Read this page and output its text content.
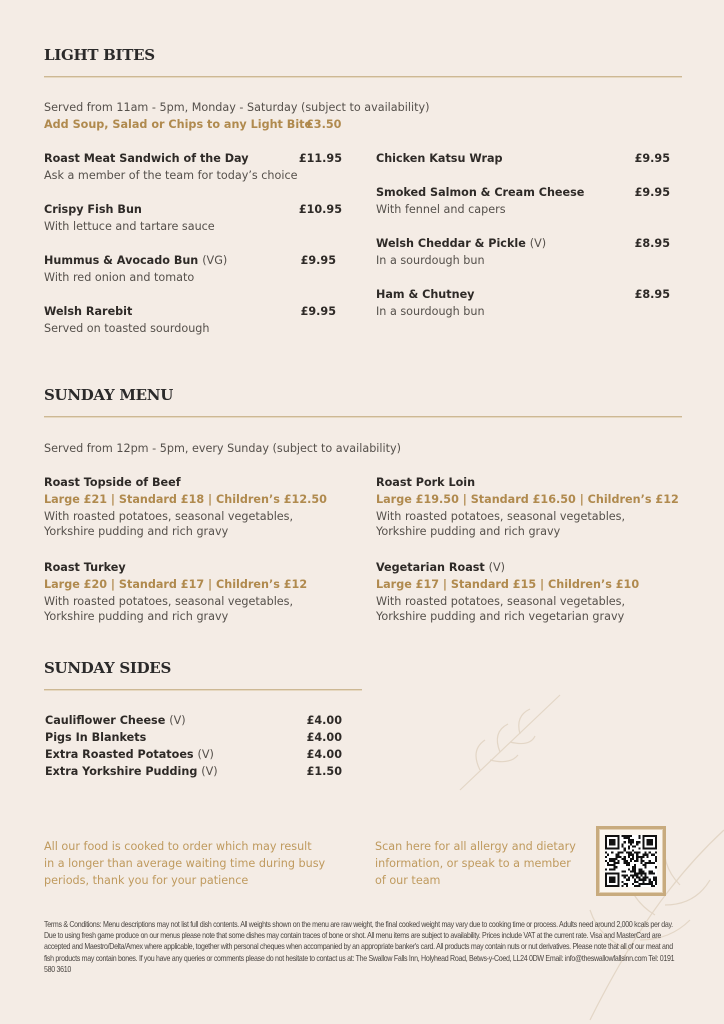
LIGHT BITES
Served from 11am - 5pm, Monday - Saturday (subject to availability)
Add Soup, Salad or Chips to any Light Bite
£3.50
Roast Meat Sandwich of the Day	£11.95
Ask a member of the team for today’s choice
Crispy Fish Bun	£10.95
With lettuce and tartare sauce
Hummus & Avocado Bun (VG)	£9.95
With red onion and tomato
Welsh Rarebit	£9.95
Served on toasted sourdough
Chicken Katsu Wrap	£9.95
Smoked Salmon & Cream Cheese	£9.95
With fennel and capers
Welsh Cheddar & Pickle (V)	£8.95
In a sourdough bun
Ham & Chutney	£8.95
In a sourdough bun
SUNDAY MENU
Served from 12pm - 5pm, every Sunday (subject to availability)
Roast Topside of Beef
Large £21 | Standard £18 | Children’s £12.50
With roasted potatoes, seasonal vegetables,
Yorkshire pudding and rich gravy
Roast Pork Loin
Large £19.50 | Standard £16.50 | Children’s £12
With roasted potatoes, seasonal vegetables,
Yorkshire pudding and rich gravy
Roast Turkey
Large £20 | Standard £17 | Children’s £12
With roasted potatoes, seasonal vegetables,
Yorkshire pudding and rich gravy
Vegetarian Roast (V)
Large £17 | Standard £15 | Children’s £10
With roasted potatoes, seasonal vegetables,
Yorkshire pudding and rich vegetarian gravy
SUNDAY SIDES
Cauliflower Cheese (V)	£4.00
Pigs In Blankets	£4.00
Extra Roasted Potatoes (V)	£4.00
Extra Yorkshire Pudding (V)	£1.50
All our food is cooked to order which may result
in a longer than average waiting time during busy
periods, thank you for your patience
Scan here for all allergy and dietary
information, or speak to a member
of our team
Terms & Conditions: Menu descriptions may not list full dish contents. All weights shown on the menu are raw weight, the final cooked weight may vary due to cooking time or process. Adults need around 2,000 kcals per day. Due to using fresh game produce on our menus please note that some dishes may contain traces of bone or shot. All menu items are subject to availability. Prices include VAT at the current rate. Visa and MasterCard are accepted and Maestro/Delta/Amex where applicable, together with personal cheques when accompanied by an appropriate banker's card. All products may contain nuts or nut derivatives. Please note that all of our meat and fish products may contain bones. If you have any queries or comments please do not hesitate to contact us at: The Swallow Falls Inn, Holyhead Road, Betws-y-Coed, LL24 0DW Email: info@theswallowfallsinn.com Tel: 0191 580 3610
